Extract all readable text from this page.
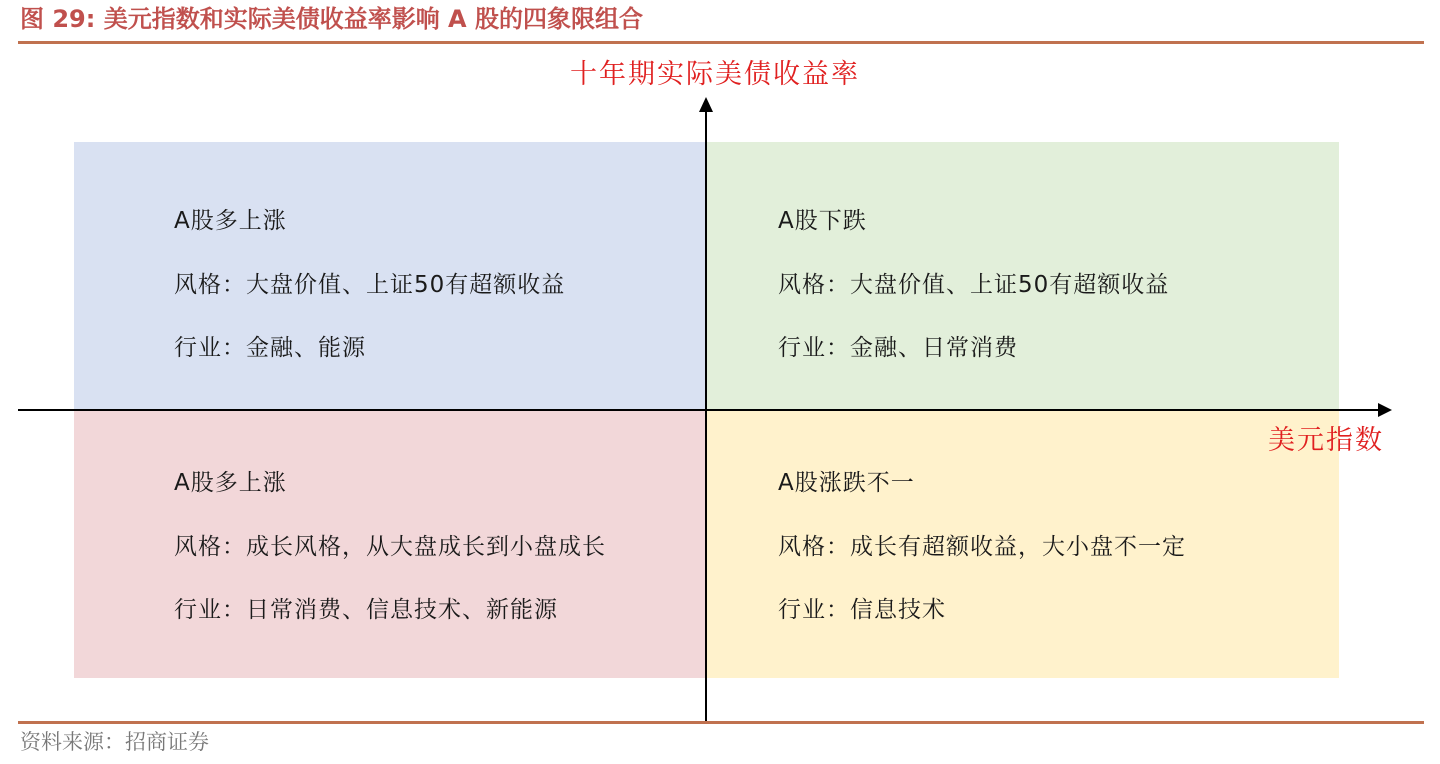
图 29: 美元指数和实际美债收益率影响 A 股的四象限组合
A股多上涨
风格：大盘价值、上证50有超额收益
行业：金融、能源
A股下跌
风格：大盘价值、上证50有超额收益
行业：金融、日常消费
A股多上涨
风格：成长风格，从大盘成长到小盘成长
行业：日常消费、信息技术、新能源
A股涨跌不一
风格：成长有超额收益，大小盘不一定
行业：信息技术
十年期实际美债收益率
美元指数
资料来源：招商证券
